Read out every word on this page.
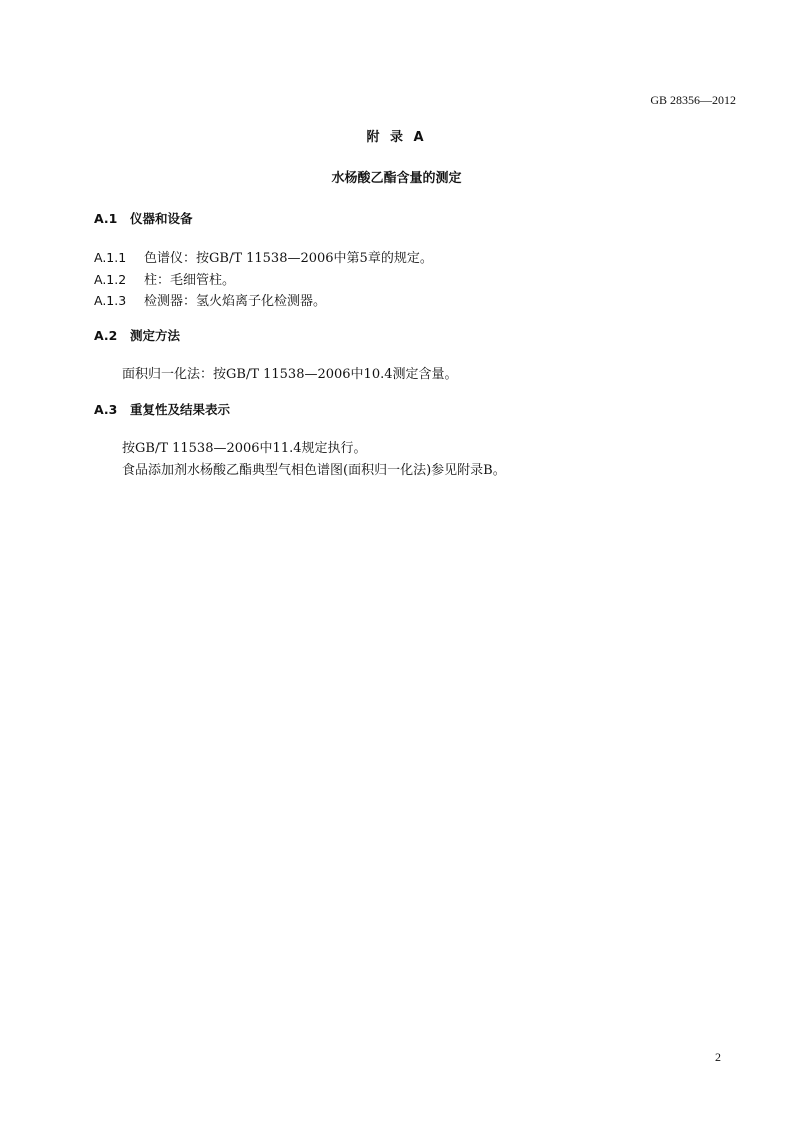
GB 28356—2012
附 录 A
水杨酸乙酯含量的测定
A.1 仪器和设备
A.1.1 色谱仪：按GB/T 11538—2006中第5章的规定。
A.1.2 柱：毛细管柱。
A.1.3 检测器：氢火焰离子化检测器。
A.2 测定方法
面积归一化法：按GB/T 11538—2006中10.4测定含量。
A.3 重复性及结果表示
按GB/T 11538—2006中11.4规定执行。
食品添加剂水杨酸乙酯典型气相色谱图(面积归一化法)参见附录B。
2
